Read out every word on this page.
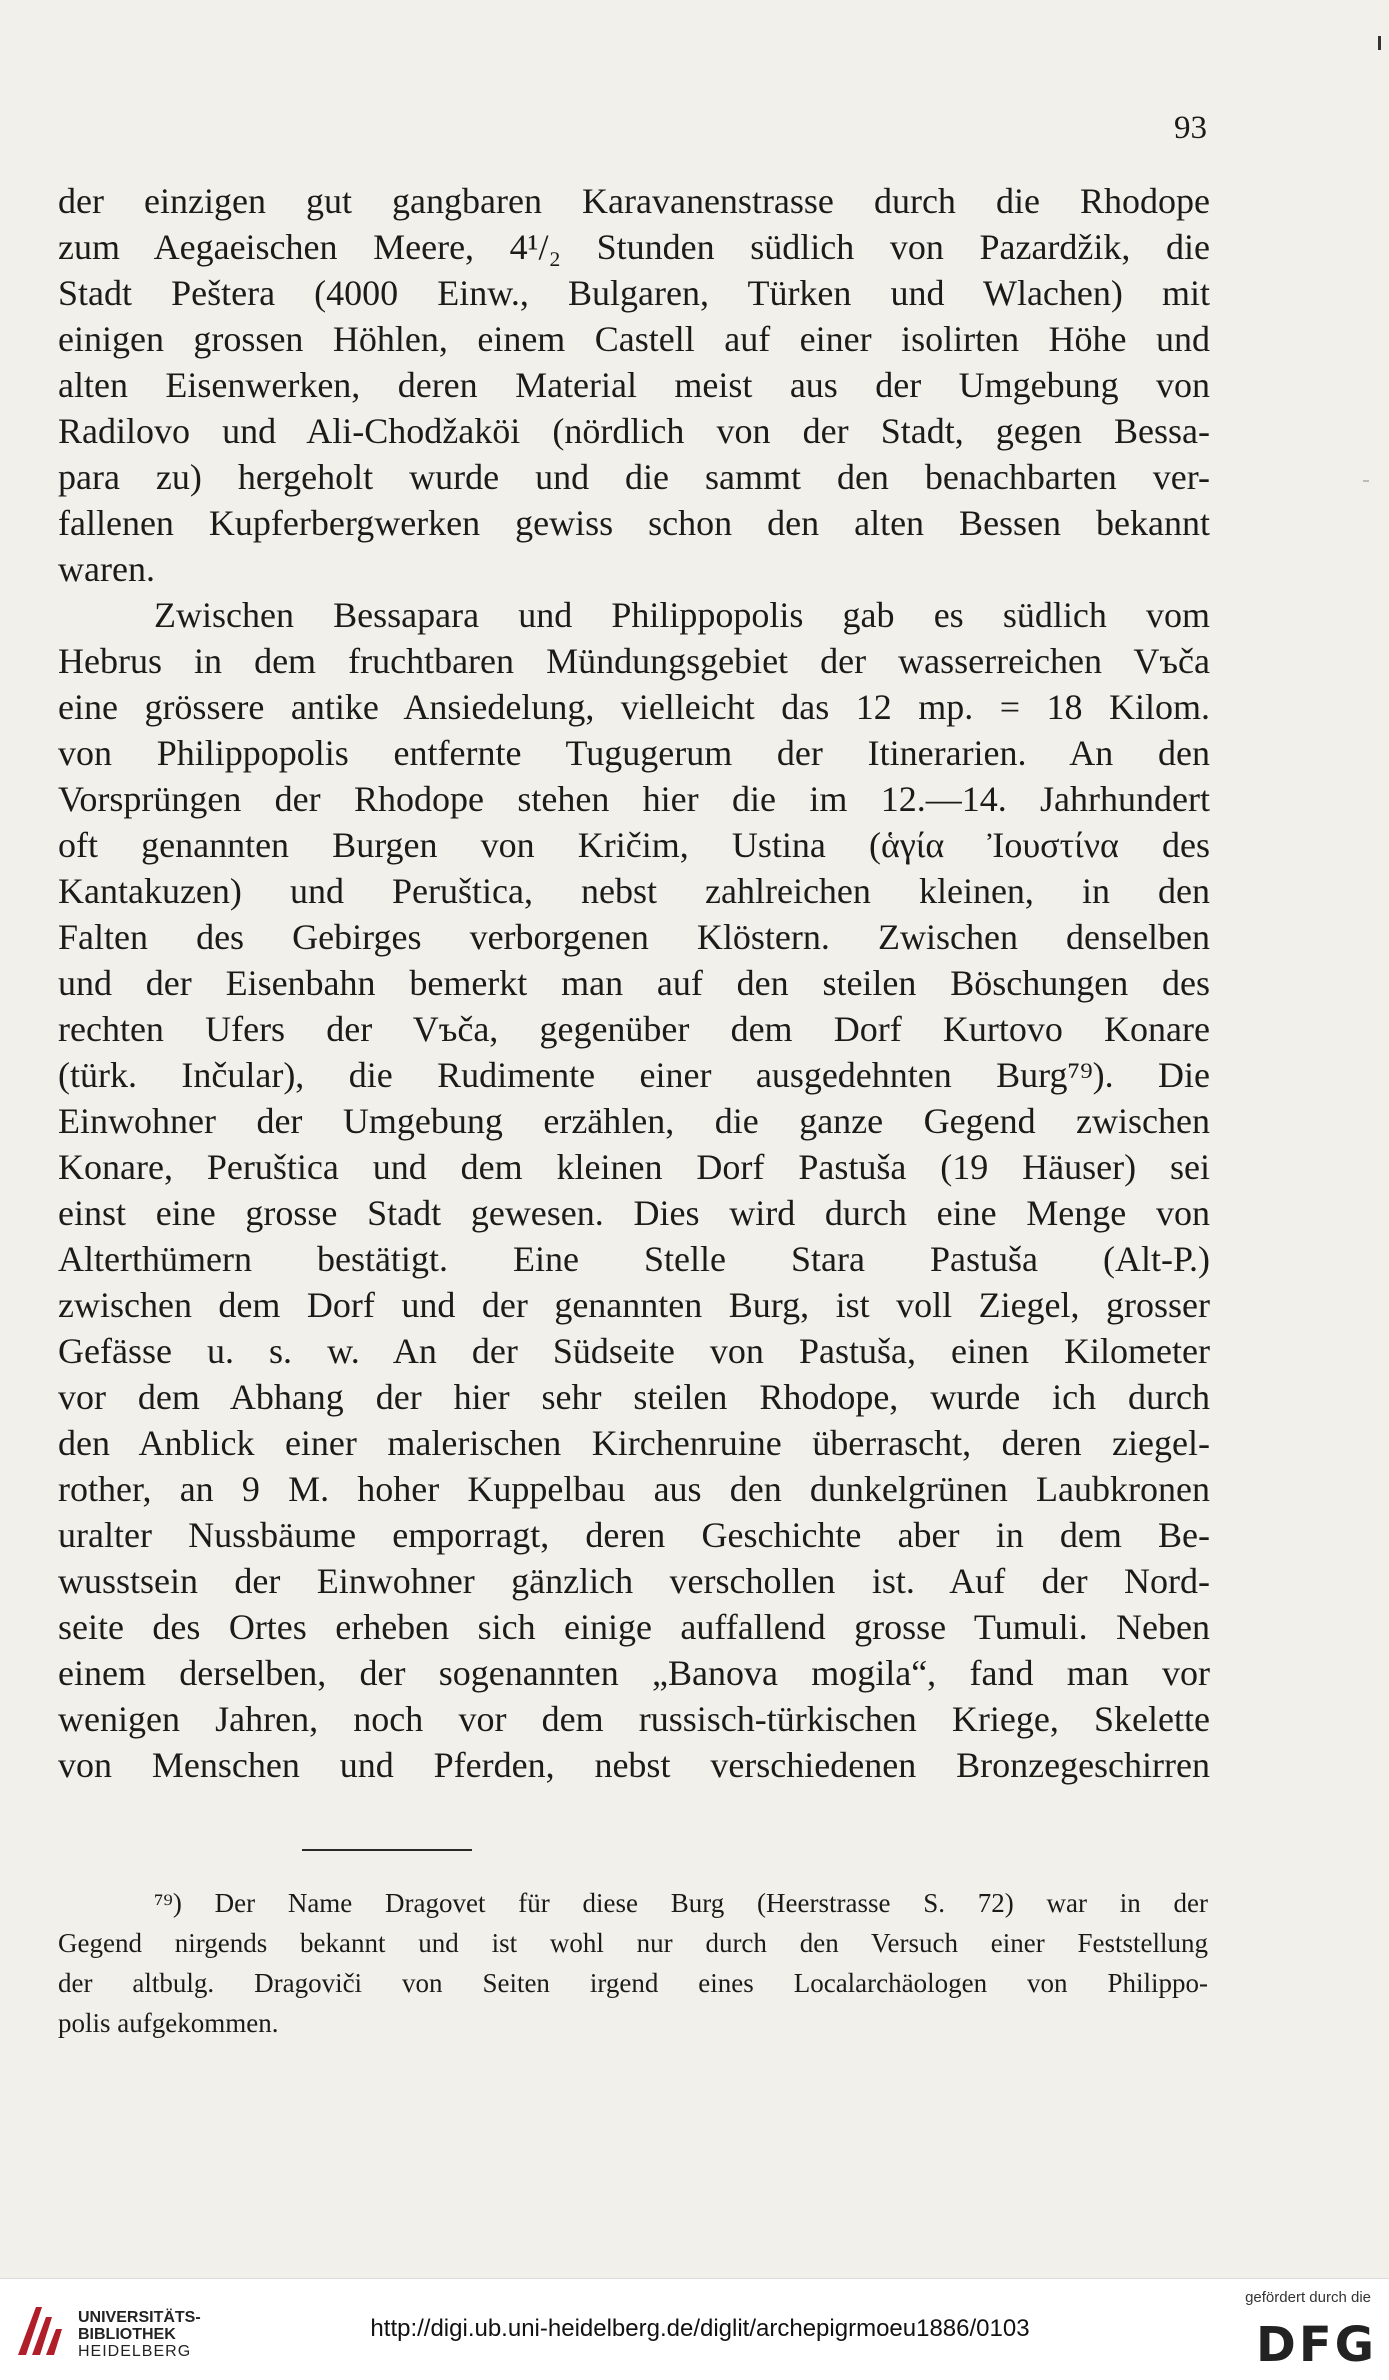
93
der einzigen gut gangbaren Karavanenstrasse durch die Rhodope
zum Aegaeischen Meere, 4¹/₂ Stunden südlich von Pazardžik, die
Stadt Peštera (4000 Einw., Bulgaren, Türken und Wlachen) mit
einigen grossen Höhlen, einem Castell auf einer isolirten Höhe und
alten Eisenwerken, deren Material meist aus der Umgebung von
Radilovo und Ali-Chodžaköi (nördlich von der Stadt, gegen Bessa-
para zu) hergeholt wurde und die sammt den benachbarten ver-
fallenen Kupferbergwerken gewiss schon den alten Bessen bekannt
waren.
Zwischen Bessapara und Philippopolis gab es südlich vom
Hebrus in dem fruchtbaren Mündungsgebiet der wasserreichen Vъča
eine grössere antike Ansiedelung, vielleicht das 12 mp. = 18 Kilom.
von Philippopolis entfernte Tugugerum der Itinerarien. An den
Vorsprüngen der Rhodope stehen hier die im 12.—14. Jahrhundert
oft genannten Burgen von Kričim, Ustina (ἁγία Ἰουστίνα des
Kantakuzen) und Peruštica, nebst zahlreichen kleinen, in den
Falten des Gebirges verborgenen Klöstern. Zwischen denselben
und der Eisenbahn bemerkt man auf den steilen Böschungen des
rechten Ufers der Vъča, gegenüber dem Dorf Kurtovo Konare
(türk. Inčular), die Rudimente einer ausgedehnten Burg⁷⁹). Die
Einwohner der Umgebung erzählen, die ganze Gegend zwischen
Konare, Peruštica und dem kleinen Dorf Pastuša (19 Häuser) sei
einst eine grosse Stadt gewesen. Dies wird durch eine Menge von
Alterthümern bestätigt. Eine Stelle Stara Pastuša (Alt-P.)
zwischen dem Dorf und der genannten Burg, ist voll Ziegel, grosser
Gefässe u. s. w. An der Südseite von Pastuša, einen Kilometer
vor dem Abhang der hier sehr steilen Rhodope, wurde ich durch
den Anblick einer malerischen Kirchenruine überrascht, deren ziegel-
rother, an 9 M. hoher Kuppelbau aus den dunkelgrünen Laubkronen
uralter Nussbäume emporragt, deren Geschichte aber in dem Be-
wusstsein der Einwohner gänzlich verschollen ist. Auf der Nord-
seite des Ortes erheben sich einige auffallend grosse Tumuli. Neben
einem derselben, der sogenannten „Banova mogila“, fand man vor
wenigen Jahren, noch vor dem russisch-türkischen Kriege, Skelette
von Menschen und Pferden, nebst verschiedenen Bronzegeschirren
⁷⁹) Der Name Dragovet für diese Burg (Heerstrasse S. 72) war in der
Gegend nirgends bekannt und ist wohl nur durch den Versuch einer Feststellung
der altbulg. Dragoviči von Seiten irgend eines Localarchäologen von Philippo-
polis aufgekommen.
UNIVERSITÄTS-
BIBLIOTHEK
HEIDELBERG
http://digi.ub.uni-heidelberg.de/diglit/archepigrmoeu1886/0103
gefördert durch die
DFG
